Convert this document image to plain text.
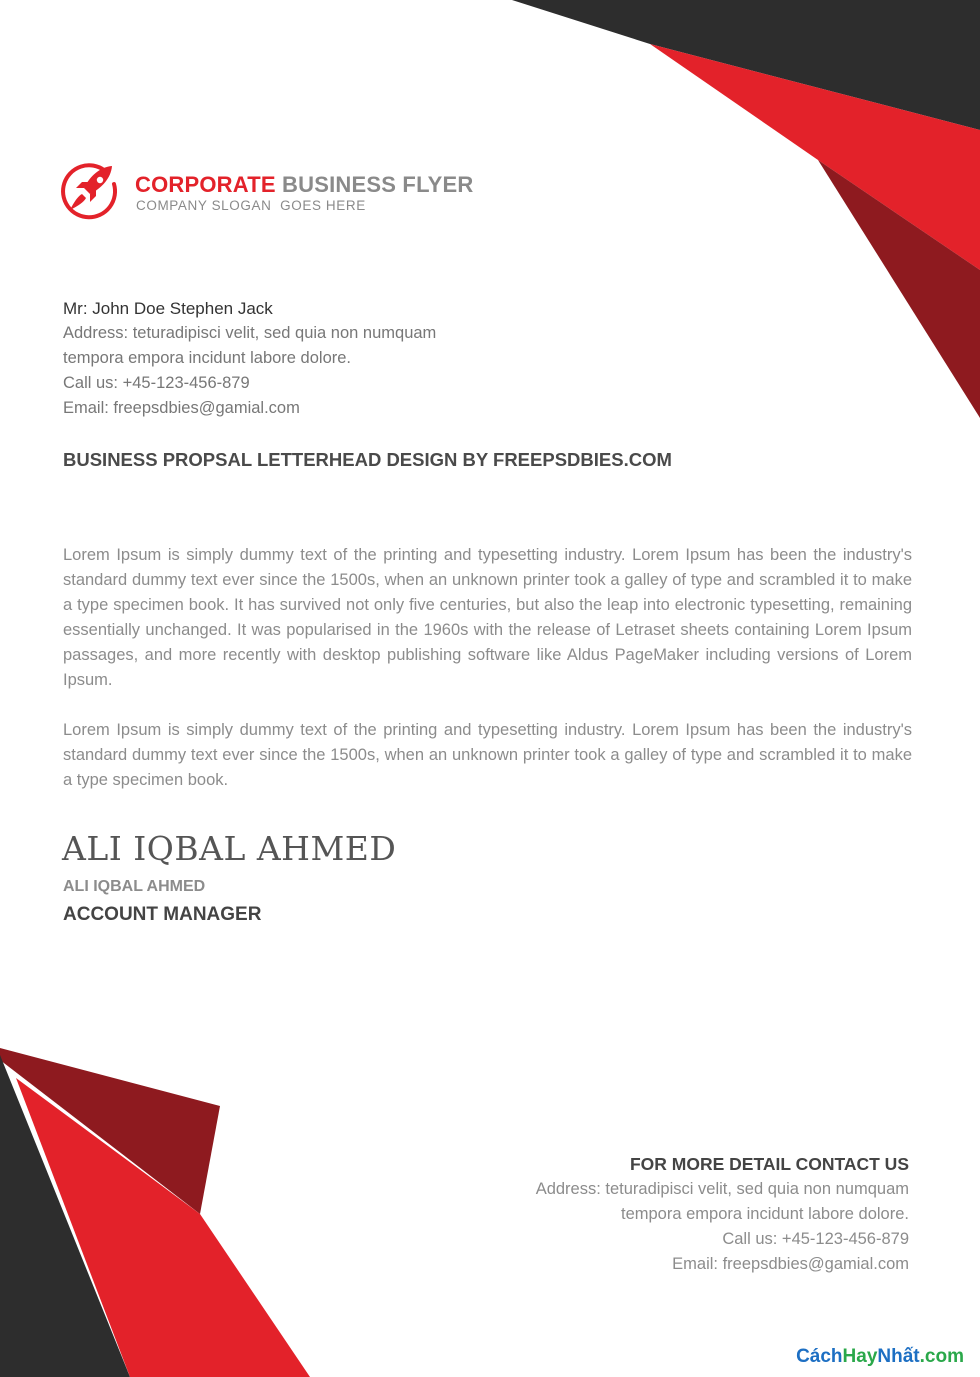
CORPORATE BUSINESS FLYER
COMPANY SLOGAN  GOES HERE
Mr: John Doe Stephen Jack
Address: teturadipisci velit, sed quia non numquam
tempora empora incidunt labore dolore.
Call us: +45-123-456-879
Email: freepsdbies@gamial.com
BUSINESS PROPSAL LETTERHEAD DESIGN BY FREEPSDBIES.COM

Lorem Ipsum is simply dummy text of the printing and typesetting industry. Lorem Ipsum has been the industry's standard dummy text ever since the 1500s, when an unknown printer took a galley of type and scrambled it to make a type specimen book. It has survived not only five centuries, but also the leap into electronic typesetting, remaining essentially unchanged. It was popularised in the 1960s with the release of Letraset sheets containing Lorem Ipsum passages, and more recently with desktop publishing software like Aldus PageMaker including versions of Lorem Ipsum.

Lorem Ipsum is simply dummy text of the printing and typesetting industry. Lorem Ipsum has been the industry's standard dummy text ever since the 1500s, when an unknown printer took a galley of type and scrambled it to make a type specimen book.

ALI IQBAL AHMED
ALI IQBAL AHMED
ACCOUNT MANAGER
FOR MORE DETAIL CONTACT US
Address: teturadipisci velit, sed quia non numquam
tempora empora incidunt labore dolore.
Call us: +45-123-456-879
Email: freepsdbies@gamial.com
CáchHayNhất.com
